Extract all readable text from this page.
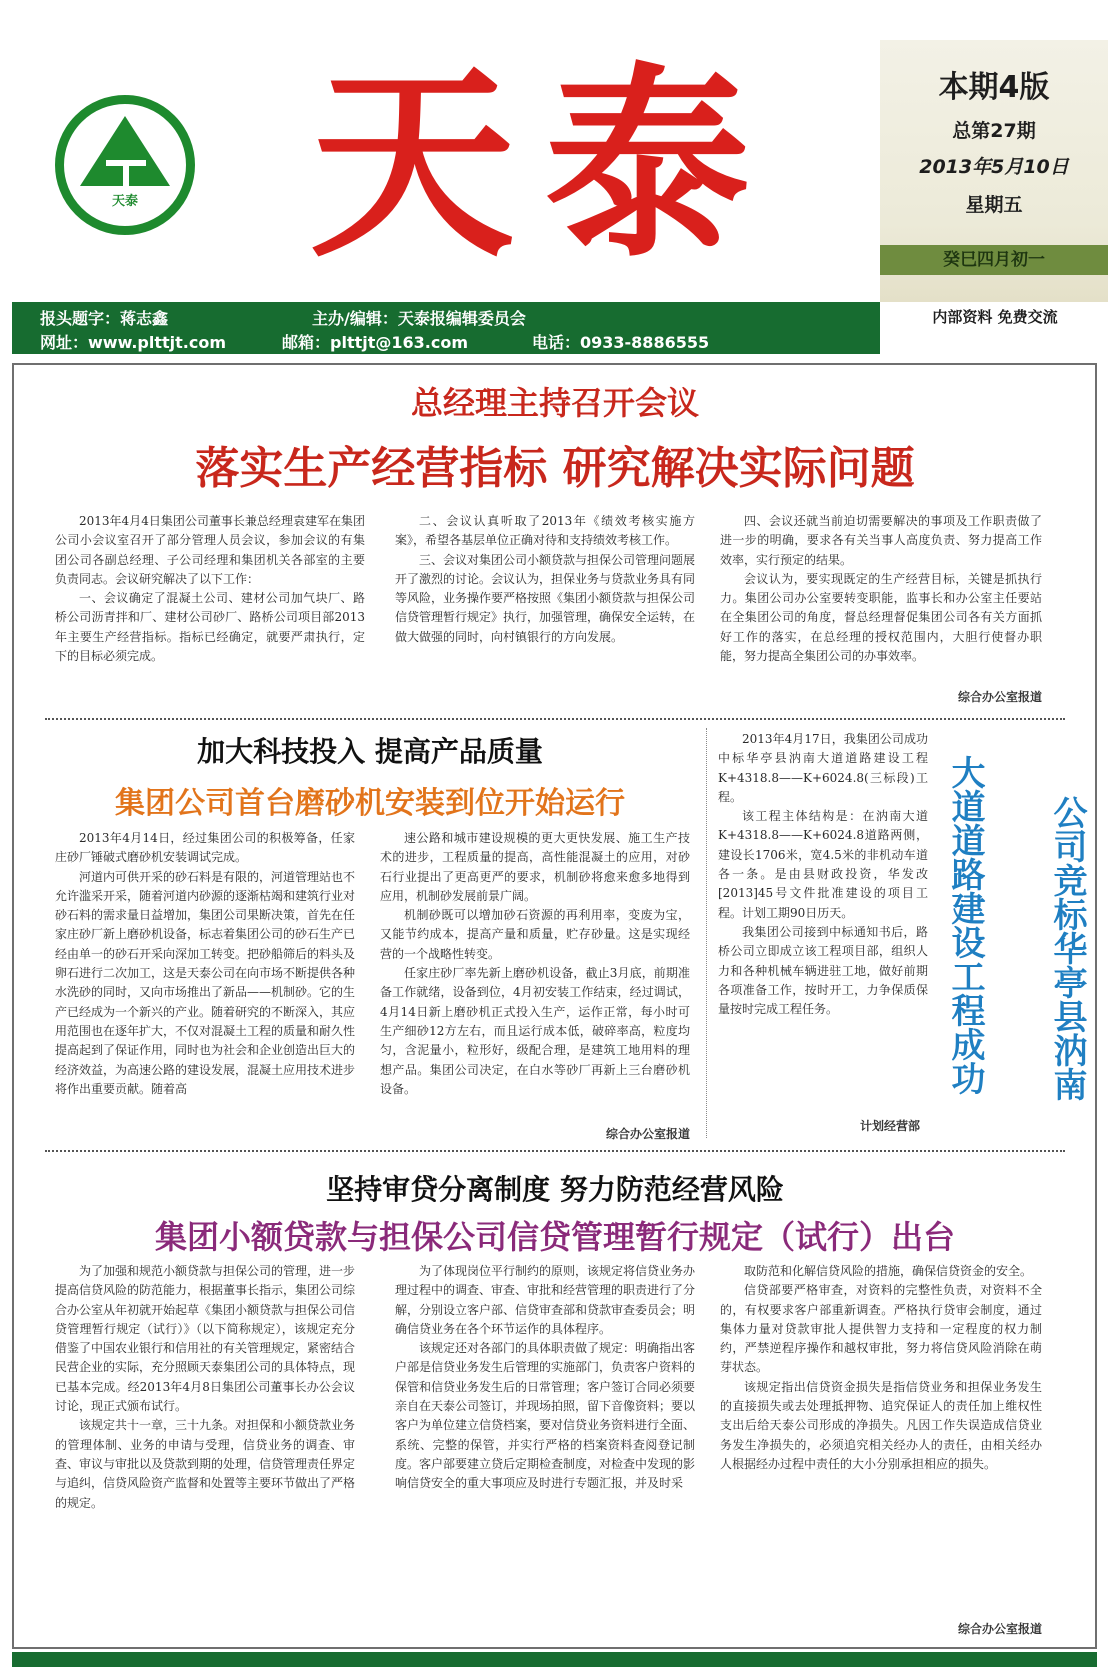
天泰 天泰	本期4版
总第27期
2013年5月10日
星期五
癸巳四月初一
报头题字：蒋志鑫	主办/编辑：天泰报编辑委员会
网址：www.plttjt.com	邮箱：plttjt@163.com	电话：0933-8886555
内部资料 免费交流
总经理主持召开会议
落实生产经营指标 研究解决实际问题

2013年4月4日集团公司董事长兼总经理袁建军在集团公司小会议室召开了部分管理人员会议，参加会议的有集团公司各副总经理、子公司经理和集团机关各部室的主要负责同志。会议研究解决了以下工作：

一、会议确定了混凝土公司、建材公司加气块厂、路桥公司沥青拌和厂、建材公司砂厂、路桥公司项目部2013年主要生产经营指标。指标已经确定，就要严肃执行，定下的目标必须完成。

二、会议认真听取了2013年《绩效考核实施方案》，希望各基层单位正确对待和支持绩效考核工作。

三、会议对集团公司小额贷款与担保公司管理问题展开了激烈的讨论。会议认为，担保业务与贷款业务具有同等风险，业务操作要严格按照《集团小额贷款与担保公司信贷管理暂行规定》执行，加强管理，确保安全运转，在做大做强的同时，向村镇银行的方向发展。

四、会议还就当前迫切需要解决的事项及工作职责做了进一步的明确，要求各有关当事人高度负责、努力提高工作效率，实行预定的结果。

会议认为，要实现既定的生产经营目标，关键是抓执行力。集团公司办公室要转变职能，监事长和办公室主任要站在全集团公司的角度，督总经理督促集团公司各有关方面抓好工作的落实，在总经理的授权范围内，大胆行使督办职能，努力提高全集团公司的办事效率。

综合办公室报道
加大科技投入 提高产品质量
集团公司首台磨砂机安装到位开始运行

2013年4月14日，经过集团公司的积极筹备，任家庄砂厂锤破式磨砂机安装调试完成。

河道内可供开采的砂石料是有限的，河道管理站也不允许滥采开采，随着河道内砂源的逐渐枯竭和建筑行业对砂石料的需求量日益增加，集团公司果断决策，首先在任家庄砂厂新上磨砂机设备，标志着集团公司的砂石生产已经由单一的砂石开采向深加工转变。把砂船筛后的料头及卵石进行二次加工，这是天泰公司在向市场不断提供各种水洗砂的同时，又向市场推出了新品——机制砂。它的生产已经成为一个新兴的产业。随着研究的不断深入，其应用范围也在逐年扩大，不仅对混凝土工程的质量和耐久性提高起到了保证作用，同时也为社会和企业创造出巨大的经济效益，为高速公路的建设发展，混凝土应用技术进步将作出重要贡献。随着高

速公路和城市建设规模的更大更快发展、施工生产技术的进步，工程质量的提高，高性能混凝土的应用，对砂石行业提出了更高更严的要求，机制砂将愈来愈多地得到应用，机制砂发展前景广阔。

机制砂既可以增加砂石资源的再利用率，变废为宝，又能节约成本，提高产量和质量，贮存砂量。这是实现经营的一个战略性转变。

任家庄砂厂率先新上磨砂机设备，截止3月底，前期准备工作就绪，设备到位，4月初安装工作结束，经过调试，4月14日新上磨砂机正式投入生产，运作正常，每小时可生产细砂12方左右，而且运行成本低，破碎率高，粒度均匀，含泥量小，粒形好，级配合理，是建筑工地用料的理想产品。集团公司决定，在白水等砂厂再新上三台磨砂机设备。

综合办公室报道

2013年4月17日，我集团公司成功中标华亭县汭南大道道路建设工程K+4318.8——K+6024.8(三标段)工程。

该工程主体结构是：在汭南大道K+4318.8——K+6024.8道路两侧，建设长1706米，宽4.5米的非机动车道各一条。是由县财政投资，华发改[2013]45号文件批准建设的项目工程。计划工期90日历天。

我集团公司接到中标通知书后，路桥公司立即成立该工程项目部，组织人力和各种机械车辆进驻工地，做好前期各项准备工作，按时开工，力争保质保量按时完成工程任务。

计划经营部
公司竞标华亭县汭南
大道道路建设工程成功
坚持审贷分离制度 努力防范经营风险
集团小额贷款与担保公司信贷管理暂行规定（试行）出台

为了加强和规范小额贷款与担保公司的管理，进一步提高信贷风险的防范能力，根据董事长指示，集团公司综合办公室从年初就开始起草《集团小额贷款与担保公司信贷管理暂行规定（试行）》（以下简称规定），该规定充分借鉴了中国农业银行和信用社的有关管理规定，紧密结合民营企业的实际，充分照顾天泰集团公司的具体特点，现已基本完成。经2013年4月8日集团公司董事长办公会议讨论，现正式颁布试行。

该规定共十一章，三十九条。对担保和小额贷款业务的管理体制、业务的申请与受理，信贷业务的调查、审查、审议与审批以及贷款到期的处理，信贷管理责任界定与追纠，信贷风险资产监督和处置等主要环节做出了严格的规定。

为了体现岗位平行制约的原则，该规定将信贷业务办理过程中的调查、审查、审批和经营管理的职责进行了分解，分别设立客户部、信贷审查部和贷款审查委员会；明确信贷业务在各个环节运作的具体程序。

该规定还对各部门的具体职责做了规定：明确指出客户部是信贷业务发生后管理的实施部门，负责客户资料的保管和信贷业务发生后的日常管理；客户签订合同必须要亲自在天泰公司签订，并现场拍照，留下音像资料；要以客户为单位建立信贷档案，要对信贷业务资料进行全面、系统、完整的保管，并实行严格的档案资料查阅登记制度。客户部要建立贷后定期检查制度，对检查中发现的影响信贷安全的重大事项应及时进行专题汇报，并及时采

取防范和化解信贷风险的措施，确保信贷资金的安全。

信贷部要严格审查，对资料的完整性负责，对资料不全的，有权要求客户部重新调查。严格执行贷审会制度，通过集体力量对贷款审批人提供智力支持和一定程度的权力制约，严禁逆程序操作和越权审批，努力将信贷风险消除在萌芽状态。

该规定指出信贷资金损失是指信贷业务和担保业务发生的直接损失或去处理抵押物、追究保证人的责任加上维权性支出后给天泰公司形成的净损失。凡因工作失误造成信贷业务发生净损失的，必须追究相关经办人的责任，由相关经办人根据经办过程中责任的大小分别承担相应的损失。

综合办公室报道
